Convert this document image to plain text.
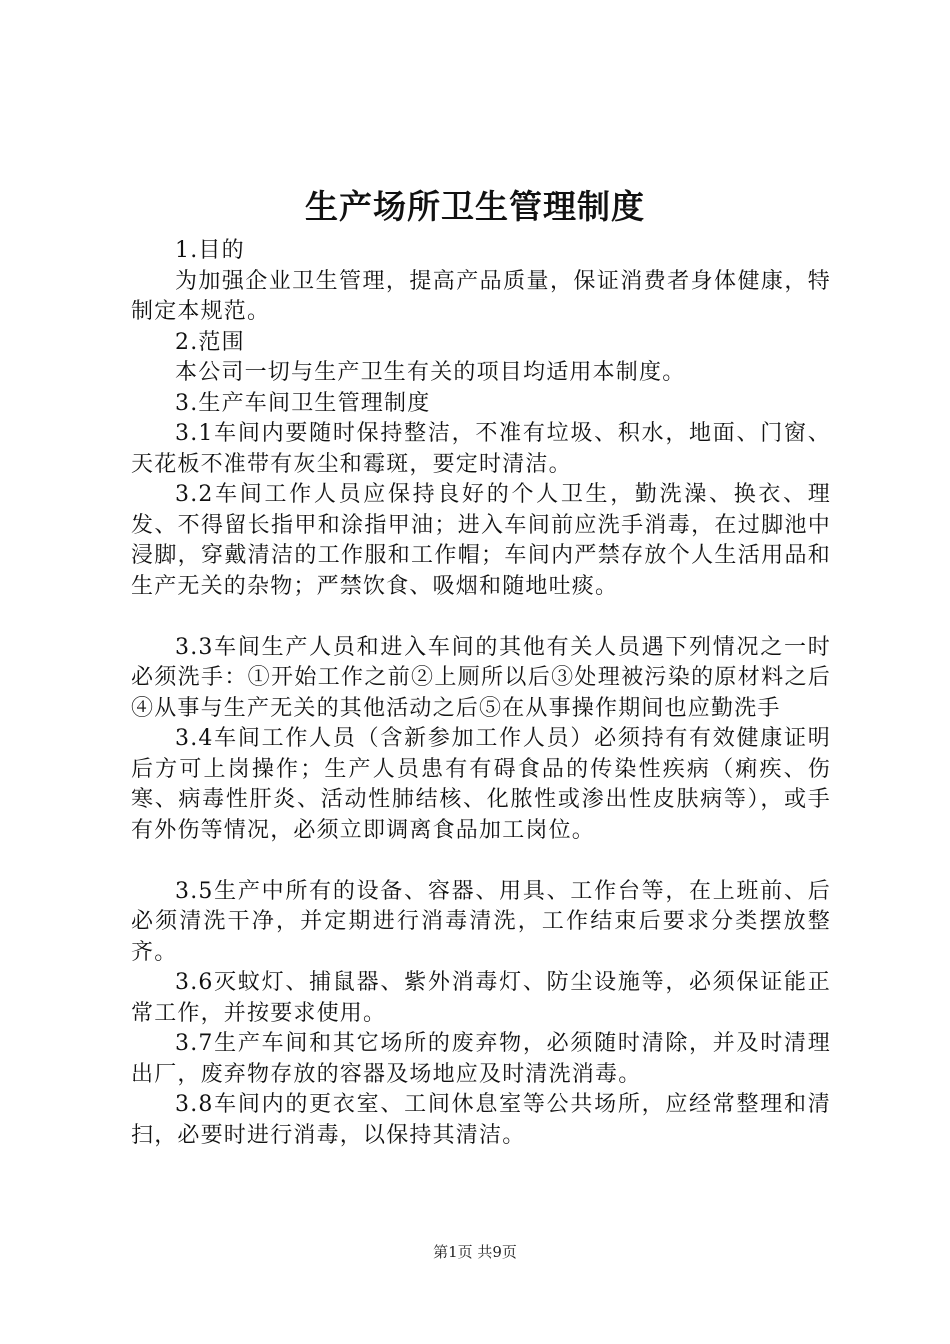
生产场所卫生管理制度

1.目的

为加强企业卫生管理，提高产品质量，保证消费者身体健康，特制定本规范。

2.范围

本公司一切与生产卫生有关的项目均适用本制度。

3.生产车间卫生管理制度

3.1车间内要随时保持整洁，不准有垃圾、积水，地面、门窗、天花板不准带有灰尘和霉斑，要定时清洁。

3.2车间工作人员应保持良好的个人卫生，勤洗澡、换衣、理发、不得留长指甲和涂指甲油；进入车间前应洗手消毒，在过脚池中浸脚，穿戴清洁的工作服和工作帽；车间内严禁存放个人生活用品和生产无关的杂物；严禁饮食、吸烟和随地吐痰。

3.3车间生产人员和进入车间的其他有关人员遇下列情况之一时必须洗手：①开始工作之前②上厕所以后③处理被污染的原材料之后④从事与生产无关的其他活动之后⑤在从事操作期间也应勤洗手

3.4车间工作人员（含新参加工作人员）必须持有有效健康证明后方可上岗操作；生产人员患有有碍食品的传染性疾病（痢疾、伤寒、病毒性肝炎、活动性肺结核、化脓性或渗出性皮肤病等），或手有外伤等情况，必须立即调离食品加工岗位。

3.5生产中所有的设备、容器、用具、工作台等，在上班前、后必须清洗干净，并定期进行消毒清洗，工作结束后要求分类摆放整齐。

3.6灭蚊灯、捕鼠器、紫外消毒灯、防尘设施等，必须保证能正常工作，并按要求使用。

3.7生产车间和其它场所的废弃物，必须随时清除，并及时清理出厂，废弃物存放的容器及场地应及时清洗消毒。

3.8车间内的更衣室、工间休息室等公共场所，应经常整理和清扫，必要时进行消毒，以保持其清洁。

第1页 共9页
